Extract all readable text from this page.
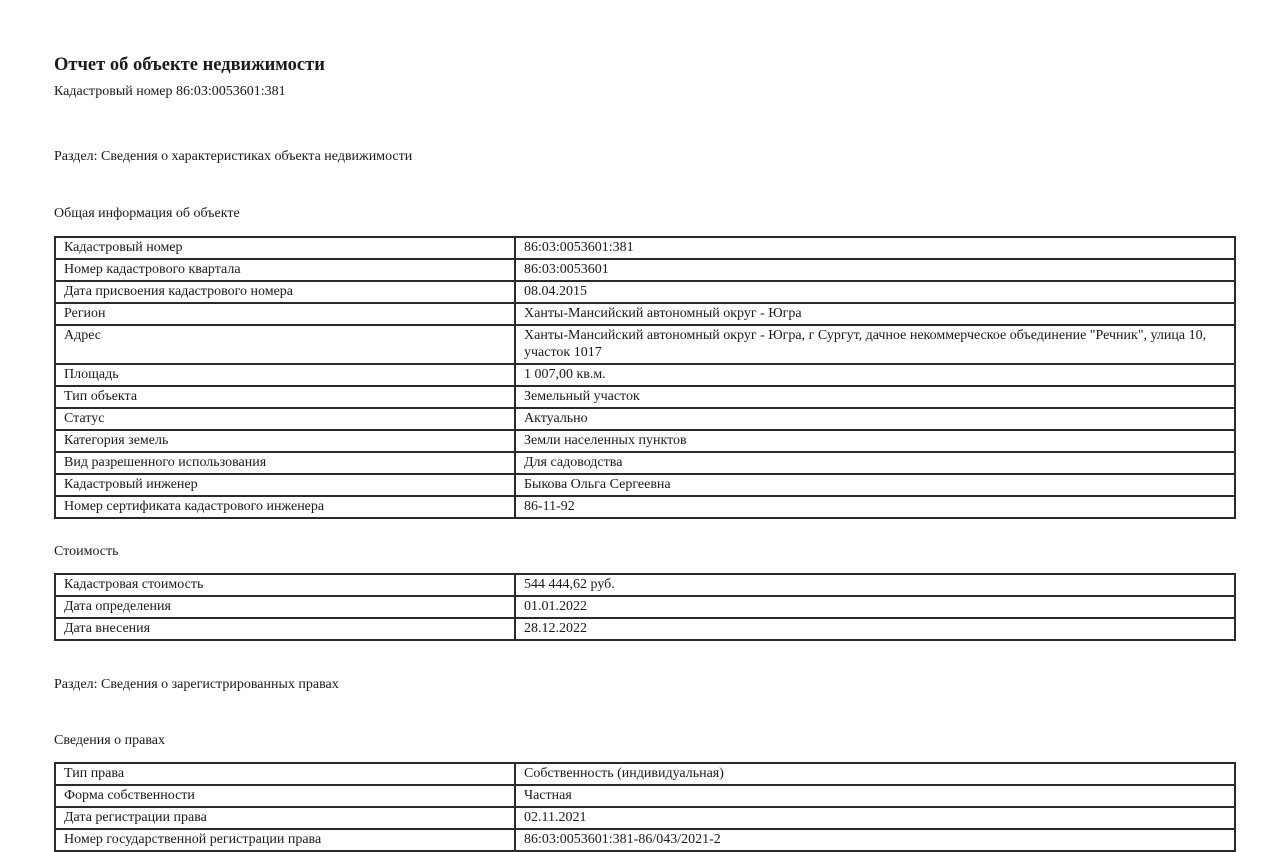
Отчет об объекте недвижимости
Кадастровый номер 86:03:0053601:381
Раздел: Сведения о характеристиках объекта недвижимости
Общая информация об объекте
Кадастровый номер	86:03:0053601:381
Номер кадастрового квартала	86:03:0053601
Дата присвоения кадастрового номера	08.04.2015
Регион	Ханты-Мансийский автономный округ - Югра
Адрес	Ханты-Мансийский автономный округ - Югра, г Сургут, дачное некоммерческое объединение "Речник", улица 10, участок 1017
Площадь	1 007,00 кв.м.
Тип объекта	Земельный участок
Статус	Актуально
Категория земель	Земли населенных пунктов
Вид разрешенного использования	Для садоводства
Кадастровый инженер	Быкова Ольга Сергеевна
Номер сертификата кадастрового инженера	86-11-92
Стоимость
Кадастровая стоимость	544 444,62 руб.
Дата определения	01.01.2022
Дата внесения	28.12.2022
Раздел: Сведения о зарегистрированных правах
Сведения о правах
Тип права	Собственность (индивидуальная)
Форма собственности	Частная
Дата регистрации права	02.11.2021
Номер государственной регистрации права	86:03:0053601:381-86/043/2021-2
